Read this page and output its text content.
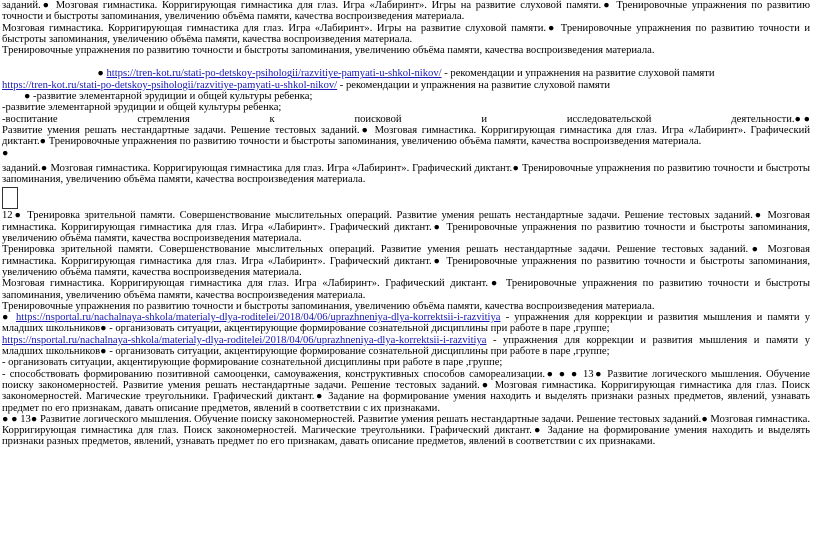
заданий.● Мозговая гимнастика. Корригирующая гимнастика для глаз. Игра «Лабиринт». Игры на развитие слуховой памяти.● Тренировочные упражнения по развитию точности и быстроты запоминания, увеличению объёма памяти, качества воспроизведения материала.

Мозговая гимнастика. Корригирующая гимнастика для глаз. Игра «Лабиринт». Игры на развитие слуховой памяти.● Тренировочные упражнения по развитию точности и быстроты запоминания, увеличению объёма памяти, качества воспроизведения материала.

Тренировочные упражнения по развитию точности и быстроты запоминания, увеличению объёма памяти, качества воспроизведения материала.

● https://tren-kot.ru/stati-po-detskoy-psihologii/razvitiye-pamyati-u-shkol-nikov/ - рекомендации и упражнения на развитие слуховой памяти

https://tren-kot.ru/stati-po-detskoy-psihologii/razvitiye-pamyati-u-shkol-nikov/ - рекомендации и упражнения на развитие слуховой памяти

● -развитие элементарной эрудиции и общей культуры ребенка;

-развитие элементарной эрудиции и общей культуры ребенка;

-воспитание	стремления	к	поисковой	и	исследовательской	деятельности.● ●

Развитие умения решать нестандартные задачи. Решение тестовых заданий.● Мозговая гимнастика. Корригирующая гимнастика для глаз. Игра «Лабиринт». Графический диктант.● Тренировочные упражнения по развитию точности и быстроты запоминания, увеличению объёма памяти, качества воспроизведения материала.

●

заданий.● Мозговая гимнастика. Корригирующая гимнастика для глаз. Игра «Лабиринт». Графический диктант.● Тренировочные упражнения по развитию точности и быстроты запоминания, увеличению объёма памяти, качества воспроизведения материала.

12● Тренировка зрительной памяти. Совершенствование мыслительных операций. Развитие умения решать нестандартные задачи. Решение тестовых заданий.● Мозговая гимнастика. Корригирующая гимнастика для глаз. Игра «Лабиринт». Графический диктант.● Тренировочные упражнения по развитию точности и быстроты запоминания, увеличению объёма памяти, качества воспроизведения материала.

Тренировка зрительной памяти. Совершенствование мыслительных операций. Развитие умения решать нестандартные задачи. Решение тестовых заданий.● Мозговая гимнастика. Корригирующая гимнастика для глаз. Игра «Лабиринт». Графический диктант.● Тренировочные упражнения по развитию точности и быстроты запоминания, увеличению объёма памяти, качества воспроизведения материала.

Мозговая гимнастика. Корригирующая гимнастика для глаз. Игра «Лабиринт». Графический диктант.● Тренировочные упражнения по развитию точности и быстроты запоминания, увеличению объёма памяти, качества воспроизведения материала.

Тренировочные упражнения по развитию точности и быстроты запоминания, увеличению объёма памяти, качества воспроизведения материала.

● https://nsportal.ru/nachalnaya-shkola/materialy-dlya-roditelei/2018/04/06/uprazhneniya-dlya-korrektsii-i-razvitiya - упражнения для коррекции и развития мышления и памяти у младших школьников● - организовать ситуации, акцентирующие формирование сознательной дисциплины при работе в паре ,группе;

https://nsportal.ru/nachalnaya-shkola/materialy-dlya-roditelei/2018/04/06/uprazhneniya-dlya-korrektsii-i-razvitiya - упражнения для коррекции и развития мышления и памяти у младших школьников● - организовать ситуации, акцентирующие формирование сознательной дисциплины при работе в паре ,группе;

- организовать ситуации, акцентирующие формирование сознательной дисциплины при работе в паре ,группе;

- способствовать формированию позитивной самооценки, самоуважения, конструктивных способов самореализации.● ● ● 13● Развитие логического мышления. Обучение поиску закономерностей. Развитие умения решать нестандартные задачи. Решение тестовых заданий.● Мозговая гимнастика. Корригирующая гимнастика для глаз. Поиск закономерностей. Магические треугольники. Графический диктант.● Задание на формирование умения находить и выделять признаки разных предметов, явлений, узнавать предмет по его признакам, давать описание предметов, явлений в соответствии с их признаками.

● ● 13● Развитие логического мышления. Обучение поиску закономерностей. Развитие умения решать нестандартные задачи. Решение тестовых заданий.● Мозговая гимнастика. Корригирующая гимнастика для глаз. Поиск закономерностей. Магические треугольники. Графический диктант.● Задание на формирование умения находить и выделять признаки разных предметов, явлений, узнавать предмет по его признакам, давать описание предметов, явлений в соответствии с их признаками.
